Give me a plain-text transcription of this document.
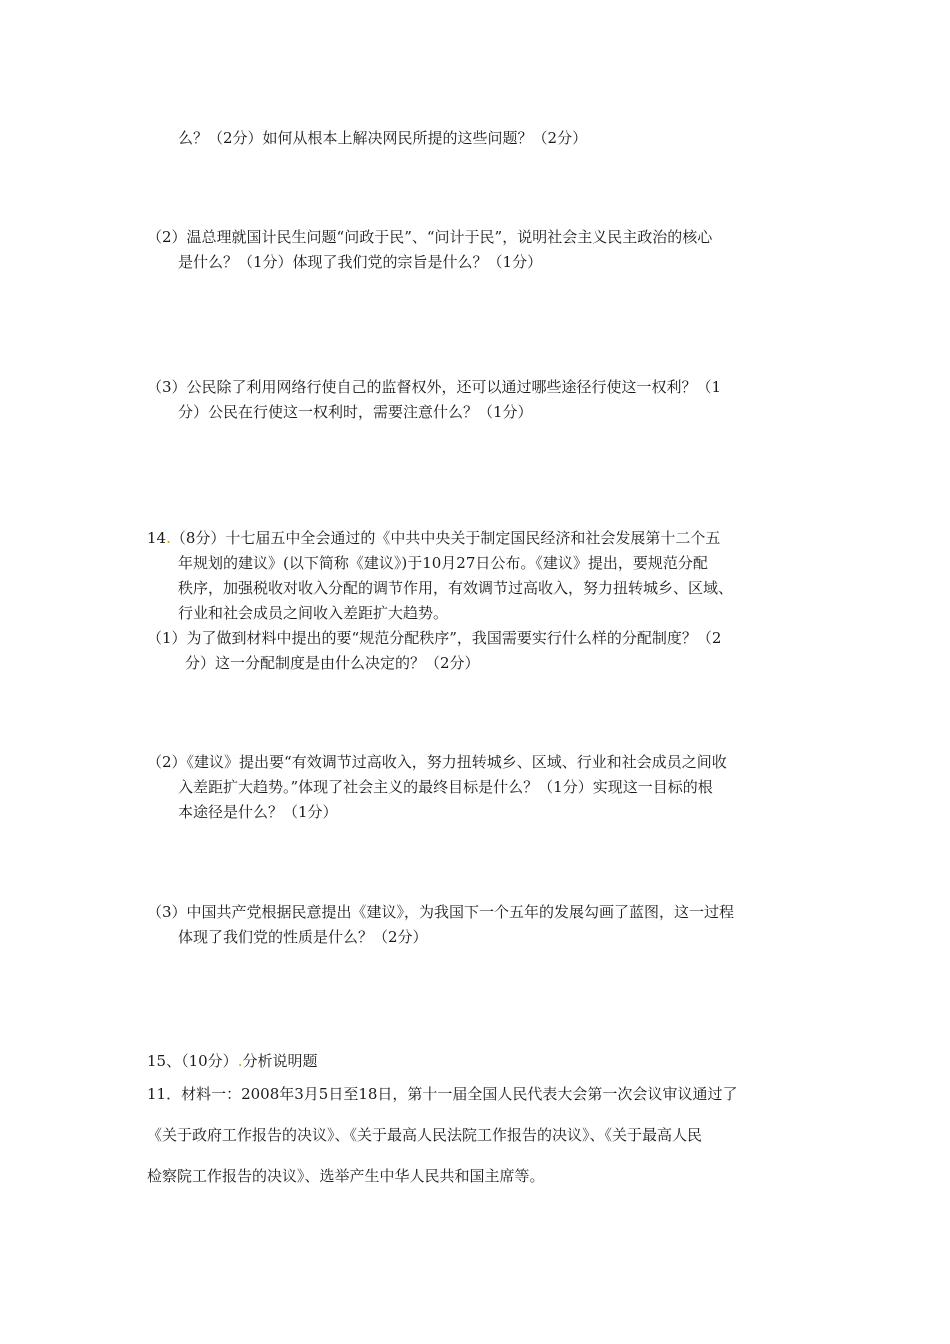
么？（2分）如何从根本上解决网民所提的这些问题？（2分）
（2）温总理就国计民生问题“问政于民”、“问计于民”，说明社会主义民主政治的核心
是什么？（1分）体现了我们党的宗旨是什么？（1分）
（3）公民除了利用网络行使自己的监督权外，还可以通过哪些途径行使这一权利？（1
分）公民在行使这一权利时，需要注意什么？（1分）
14.（8分）十七届五中全会通过的《中共中央关于制定国民经济和社会发展第十二个五
年规划的建议》(以下简称《建议》)于10月27日公布。《建议》提出，要规范分配
秩序，加强税收对收入分配的调节作用，有效调节过高收入，努力扭转城乡、区域、
行业和社会成员之间收入差距扩大趋势。
（1）为了做到材料中提出的要“规范分配秩序”，我国需要实行什么样的分配制度？（2
分）这一分配制度是由什么决定的？（2分）
（2）《建议》提出要“有效调节过高收入，努力扭转城乡、区域、行业和社会成员之间收
入差距扩大趋势。”体现了社会主义的最终目标是什么？（1分）实现这一目标的根
本途径是什么？（1分）
（3）中国共产党根据民意提出《建议》，为我国下一个五年的发展勾画了蓝图，这一过程
体现了我们党的性质是什么？（2分）
15、（10分）.分析说明题
11．材料一：2008年3月5日至18日，第十一届全国人民代表大会第一次会议审议通过了
《关于政府工作报告的决议》、《关于最高人民法院工作报告的决议》、《关于最高人民
检察院工作报告的决议》、选举产生中华人民共和国主席等。
